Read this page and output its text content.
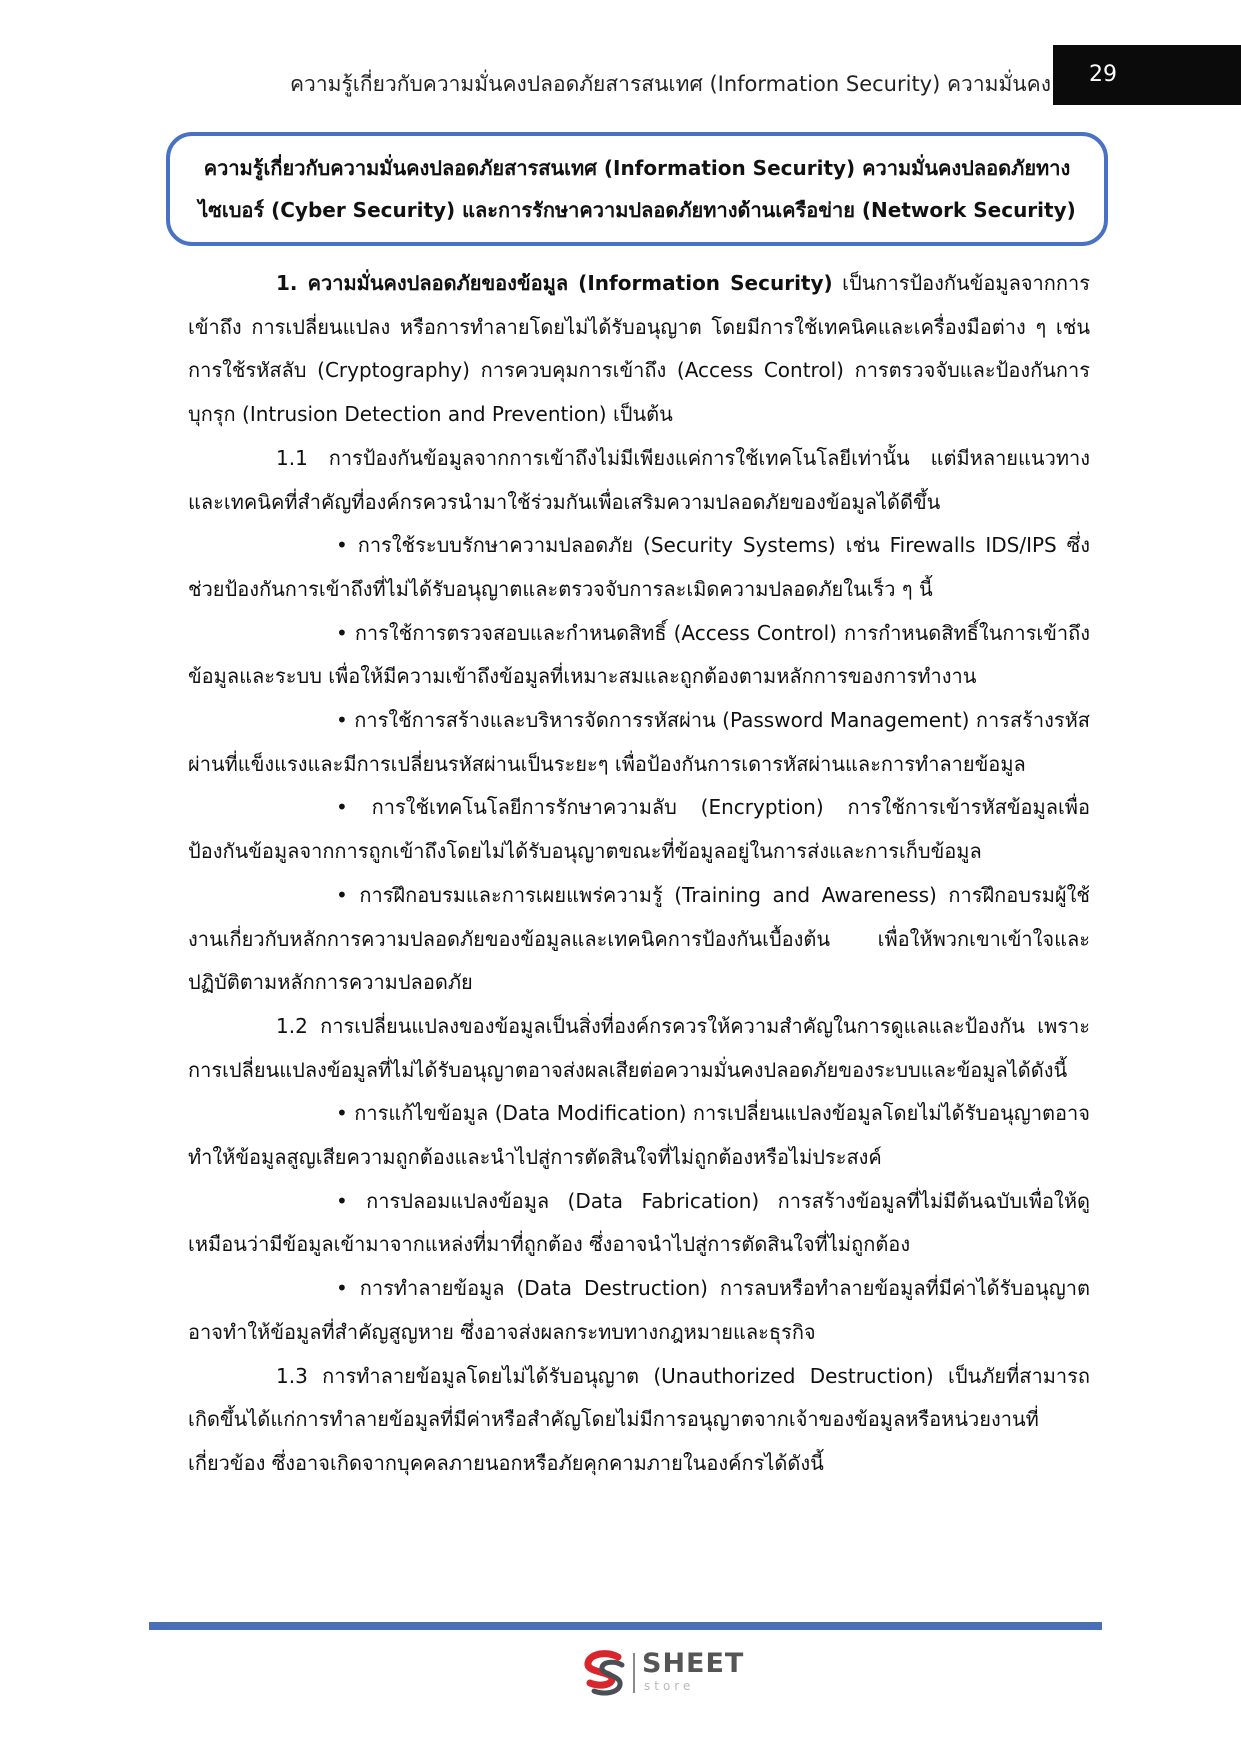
ความรู้เกี่ยวกับความมั่นคงปลอดภัยสารสนเทศ (Information Security) ความมั่นคง	29
ความรู้เกี่ยวกับความมั่นคงปลอดภัยสารสนเทศ (Information Security) ความมั่นคงปลอดภัยทาง
ไซเบอร์ (Cyber Security) และการรักษาความปลอดภัยทางด้านเครือข่าย (Network Security)

1. ความมั่นคงปลอดภัยของข้อมูล (Information Security) เป็นการป้องกันข้อมูลจากการเข้าถึง การเปลี่ยนแปลง หรือการทำลายโดยไม่ได้รับอนุญาต โดยมีการใช้เทคนิคและเครื่องมือต่าง ๆ เช่น การใช้รหัสลับ (Cryptography) การควบคุมการเข้าถึง (Access Control) การตรวจจับและป้องกันการบุกรุก (Intrusion Detection and Prevention) เป็นต้น

1.1 การป้องกันข้อมูลจากการเข้าถึงไม่มีเพียงแค่การใช้เทคโนโลยีเท่านั้น แต่มีหลายแนวทางและเทคนิคที่สำคัญที่องค์กรควรนำมาใช้ร่วมกันเพื่อเสริมความปลอดภัยของข้อมูลได้ดีขึ้น

• การใช้ระบบรักษาความปลอดภัย (Security Systems) เช่น Firewalls IDS/IPS ซึ่งช่วยป้องกันการเข้าถึงที่ไม่ได้รับอนุญาตและตรวจจับการละเมิดความปลอดภัยในเร็ว ๆ นี้

• การใช้การตรวจสอบและกำหนดสิทธิ์ (Access Control) การกำหนดสิทธิ์ในการเข้าถึงข้อมูลและระบบ เพื่อให้มีความเข้าถึงข้อมูลที่เหมาะสมและถูกต้องตามหลักการของการทำงาน

• การใช้การสร้างและบริหารจัดการรหัสผ่าน (Password Management) การสร้างรหัสผ่านที่แข็งแรงและมีการเปลี่ยนรหัสผ่านเป็นระยะๆ เพื่อป้องกันการเดารหัสผ่านและการทำลายข้อมูล

• การใช้เทคโนโลยีการรักษาความลับ (Encryption) การใช้การเข้ารหัสข้อมูลเพื่อป้องกันข้อมูลจากการถูกเข้าถึงโดยไม่ได้รับอนุญาตขณะที่ข้อมูลอยู่ในการส่งและการเก็บข้อมูล

• การฝึกอบรมและการเผยแพร่ความรู้ (Training and Awareness) การฝึกอบรมผู้ใช้งานเกี่ยวกับหลักการความปลอดภัยของข้อมูลและเทคนิคการป้องกันเบื้องต้น เพื่อให้พวกเขาเข้าใจและปฏิบัติตามหลักการความปลอดภัย

1.2 การเปลี่ยนแปลงของข้อมูลเป็นสิ่งที่องค์กรควรให้ความสำคัญในการดูแลและป้องกัน เพราะการเปลี่ยนแปลงข้อมูลที่ไม่ได้รับอนุญาตอาจส่งผลเสียต่อความมั่นคงปลอดภัยของระบบและข้อมูลได้ดังนี้

• การแก้ไขข้อมูล (Data Modification) การเปลี่ยนแปลงข้อมูลโดยไม่ได้รับอนุญาตอาจทำให้ข้อมูลสูญเสียความถูกต้องและนำไปสู่การตัดสินใจที่ไม่ถูกต้องหรือไม่ประสงค์

• การปลอมแปลงข้อมูล (Data Fabrication) การสร้างข้อมูลที่ไม่มีต้นฉบับเพื่อให้ดูเหมือนว่ามีข้อมูลเข้ามาจากแหล่งที่มาที่ถูกต้อง ซึ่งอาจนำไปสู่การตัดสินใจที่ไม่ถูกต้อง

• การทำลายข้อมูล (Data Destruction) การลบหรือทำลายข้อมูลที่มีค่าได้รับอนุญาตอาจทำให้ข้อมูลที่สำคัญสูญหาย ซึ่งอาจส่งผลกระทบทางกฎหมายและธุรกิจ

1.3 การทำลายข้อมูลโดยไม่ได้รับอนุญาต (Unauthorized Destruction) เป็นภัยที่สามารถเกิดขึ้นได้แก่การทำลายข้อมูลที่มีค่าหรือสำคัญโดยไม่มีการอนุญาตจากเจ้าของข้อมูลหรือหน่วยงานที่เกี่ยวข้อง ซึ่งอาจเกิดจากบุคคลภายนอกหรือภัยคุกคามภายในองค์กรได้ดังนี้

SHEET
store
